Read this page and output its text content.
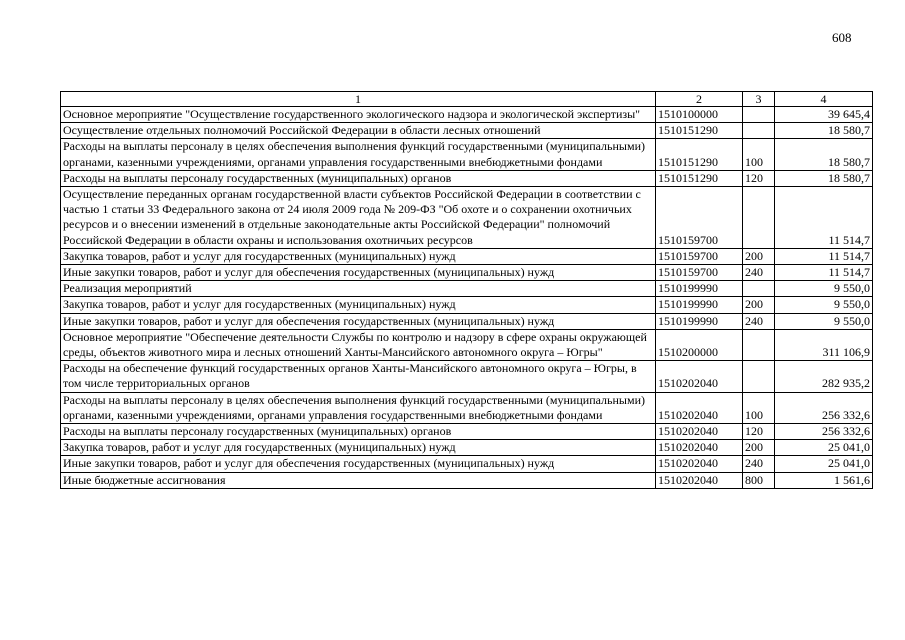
608
1	2	3	4
Основное мероприятие "Осуществление государственного экологического надзора и экологической экспертизы"	1510100000		39 645,4
Осуществление отдельных полномочий Российской Федерации в области лесных отношений	1510151290		18 580,7
Расходы на выплаты персоналу в целях обеспечения выполнения функций государственными (муниципальными) органами, казенными учреждениями, органами управления государственными внебюджетными фондами	1510151290	100	18 580,7
Расходы на выплаты персоналу государственных (муниципальных) органов	1510151290	120	18 580,7
Осуществление переданных органам государственной власти субъектов Российской Федерации в соответствии с частью 1 статьи 33 Федерального закона от 24 июля 2009 года № 209-ФЗ "Об охоте и о сохранении охотничьих ресурсов и о внесении изменений в отдельные законодательные акты Российской Федерации" полномочий Российской Федерации в области охраны и использования охотничьих ресурсов	1510159700		11 514,7
Закупка товаров, работ и услуг для государственных (муниципальных) нужд	1510159700	200	11 514,7
Иные закупки товаров, работ и услуг для обеспечения государственных (муниципальных) нужд	1510159700	240	11 514,7
Реализация мероприятий	1510199990		9 550,0
Закупка товаров, работ и услуг для государственных (муниципальных) нужд	1510199990	200	9 550,0
Иные закупки товаров, работ и услуг для обеспечения государственных (муниципальных) нужд	1510199990	240	9 550,0
Основное мероприятие "Обеспечение деятельности Службы по контролю и надзору в сфере охраны окружающей среды, объектов животного мира и лесных отношений Ханты-Мансийского автономного округа – Югры"	1510200000		311 106,9
Расходы на обеспечение функций государственных органов Ханты-Мансийского автономного округа – Югры, в том числе территориальных органов	1510202040		282 935,2
Расходы на выплаты персоналу в целях обеспечения выполнения функций государственными (муниципальными) органами, казенными учреждениями, органами управления государственными внебюджетными фондами	1510202040	100	256 332,6
Расходы на выплаты персоналу государственных (муниципальных) органов	1510202040	120	256 332,6
Закупка товаров, работ и услуг для государственных (муниципальных) нужд	1510202040	200	25 041,0
Иные закупки товаров, работ и услуг для обеспечения государственных (муниципальных) нужд	1510202040	240	25 041,0
Иные бюджетные ассигнования	1510202040	800	1 561,6
